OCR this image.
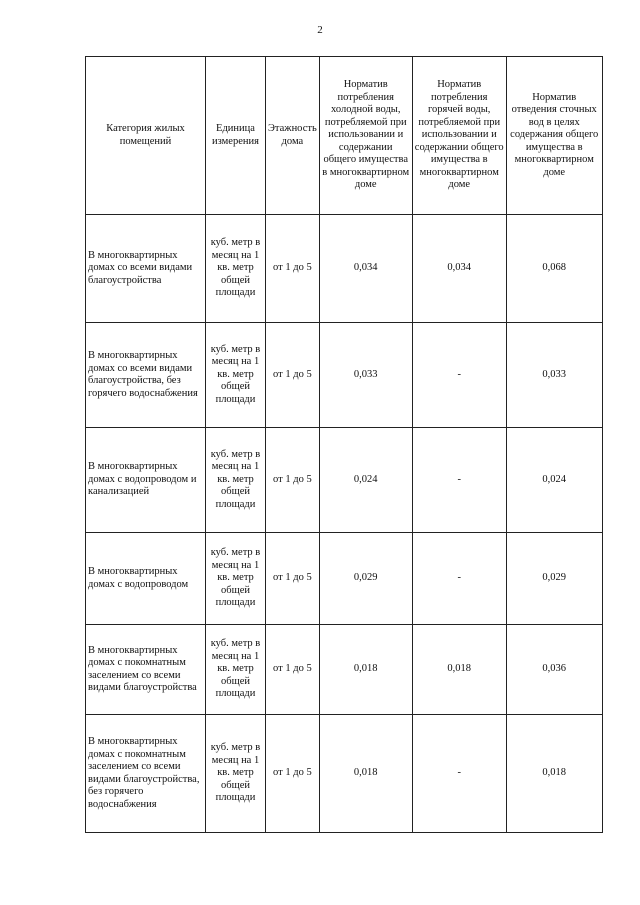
2
Категория жилых помещений	Единица измерения	Этажность дома	Норматив потребления холодной воды, потребляемой при использовании и содержании общего имущества в многоквартирном доме	Норматив потребления горячей воды, потребляемой при использовании и содержании общего имущества в многоквартирном доме	Норматив отведения сточных вод в целях содержания общего имущества в многоквартирном доме
В многоквартирных домах со всеми видами благоустройства	куб. метр в месяц на 1 кв. метр общей площади	от 1 до 5	0,034	0,034	0,068
В многоквартирных домах со всеми видами благоустройства, без горячего водоснабжения	куб. метр в месяц на 1 кв. метр общей площади	от 1 до 5	0,033	-	0,033
В многоквартирных домах с водопроводом и канализацией	куб. метр в месяц на 1 кв. метр общей площади	от 1 до 5	0,024	-	0,024
В многоквартирных домах с водопроводом	куб. метр в месяц на 1 кв. метр общей площади	от 1 до 5	0,029	-	0,029
В многоквартирных домах с покомнатным заселением со всеми видами благоустройства	куб. метр в месяц на 1 кв. метр общей площади	от 1 до 5	0,018	0,018	0,036
В многоквартирных домах с покомнатным заселением со всеми видами благоустройства, без горячего водоснабжения	куб. метр в месяц на 1 кв. метр общей площади	от 1 до 5	0,018	-	0,018
